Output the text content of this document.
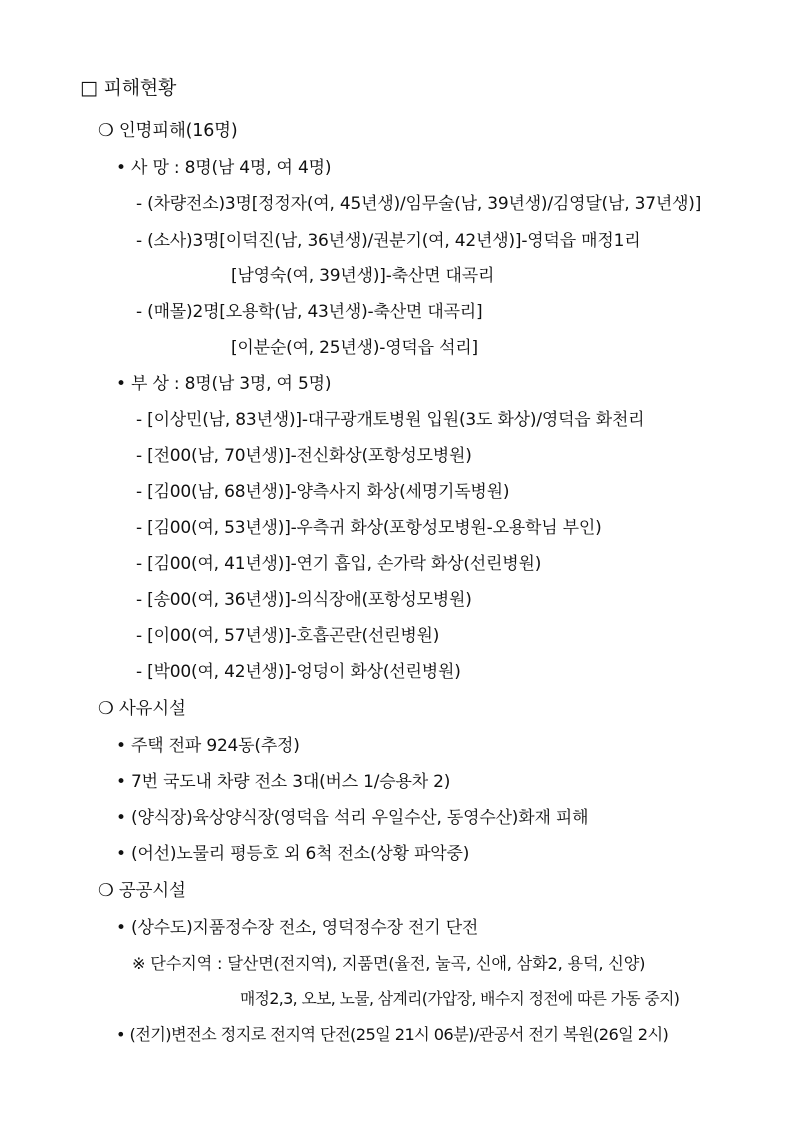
□ 피해현황
❍ 인명피해(16명)
• 사 망 : 8명(남 4명, 여 4명)
- (차량전소)3명[정정자(여, 45년생)/임무술(남, 39년생)/김영달(남, 37년생)]
- (소사)3명[이덕진(남, 36년생)/권분기(여, 42년생)]-영덕읍 매정1리
[남영숙(여, 39년생)]-축산면 대곡리
- (매몰)2명[오용학(남, 43년생)-축산면 대곡리]
[이분순(여, 25년생)-영덕읍 석리]
• 부 상 : 8명(남 3명, 여 5명)
- [이상민(남, 83년생)]-대구광개토병원 입원(3도 화상)/영덕읍 화천리
- [전00(남, 70년생)]-전신화상(포항성모병원)
- [김00(남, 68년생)]-양측사지 화상(세명기독병원)
- [김00(여, 53년생)]-우측귀 화상(포항성모병원-오용학님 부인)
- [김00(여, 41년생)]-연기 흡입, 손가락 화상(선린병원)
- [송00(여, 36년생)]-의식장애(포항성모병원)
- [이00(여, 57년생)]-호흡곤란(선린병원)
- [박00(여, 42년생)]-엉덩이 화상(선린병원)
❍ 사유시설
• 주택 전파 924동(추정)
• 7번 국도내 차량 전소 3대(버스 1/승용차 2)
• (양식장)육상양식장(영덕읍 석리 우일수산, 동영수산)화재 피해
• (어선)노물리 평등호 외 6척 전소(상황 파악중)
❍ 공공시설
• (상수도)지품정수장 전소, 영덕정수장 전기 단전
※ 단수지역 : 달산면(전지역), 지품면(율전, 눌곡, 신애, 삼화2, 용덕, 신양)
매정2,3, 오보, 노물, 삼계리(가압장, 배수지 정전에 따른 가동 중지)
• (전기)변전소 정지로 전지역 단전(25일 21시 06분)/관공서 전기 복원(26일 2시)
